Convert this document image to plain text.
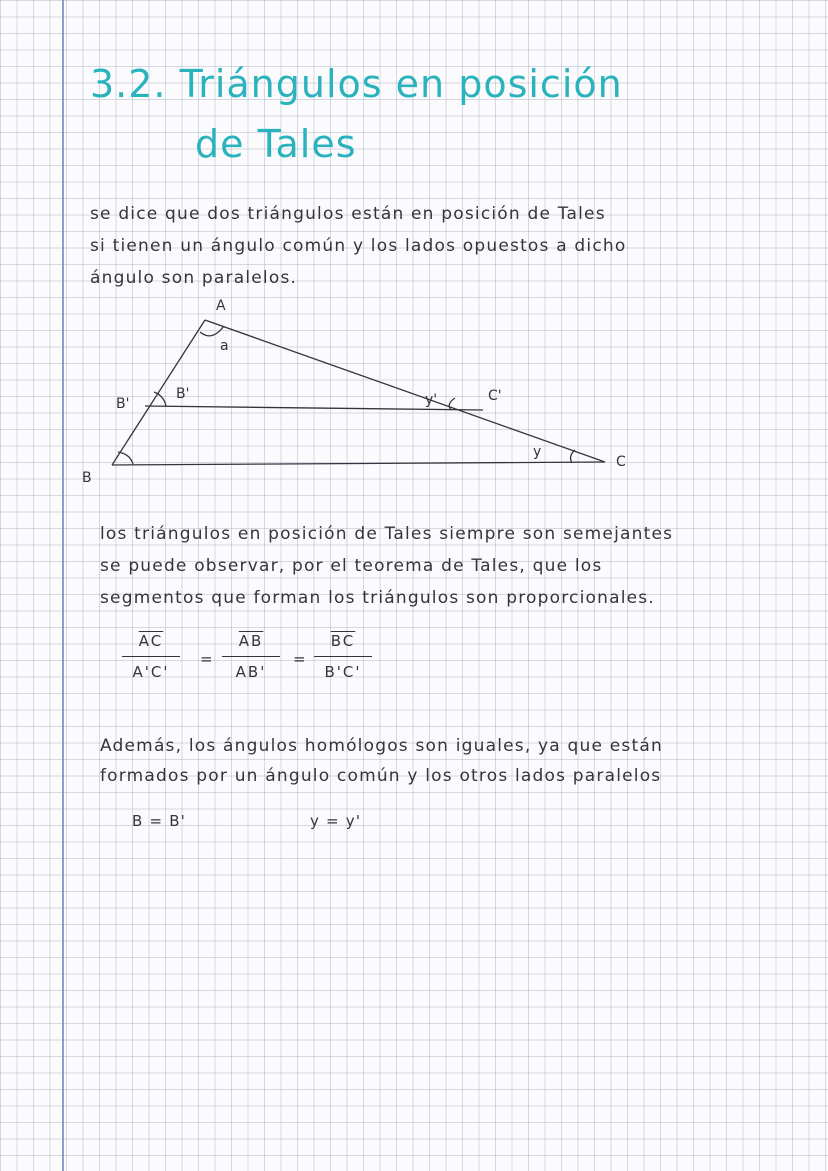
3.2. Triángulos en posición
de Tales
se dice que dos triángulos están en posición de Tales
si tienen un ángulo común y los lados opuestos a dicho
ángulo son paralelos.
A
a
B'
B'	y'	C'
y
C
B
los triángulos en posición de Tales siempre son semejantes
se puede observar, por el teorema de Tales, que los
segmentos que forman los triángulos son proporcionales.
$\overline{AC}$
A'C'
=
$\overline{AB}$
AB'
=
$\overline{BC}$
B'C'
Además, los ángulos homólogos son iguales, ya que están
formados por un ángulo común y los otros lados paralelos
B = B'	y = y'
